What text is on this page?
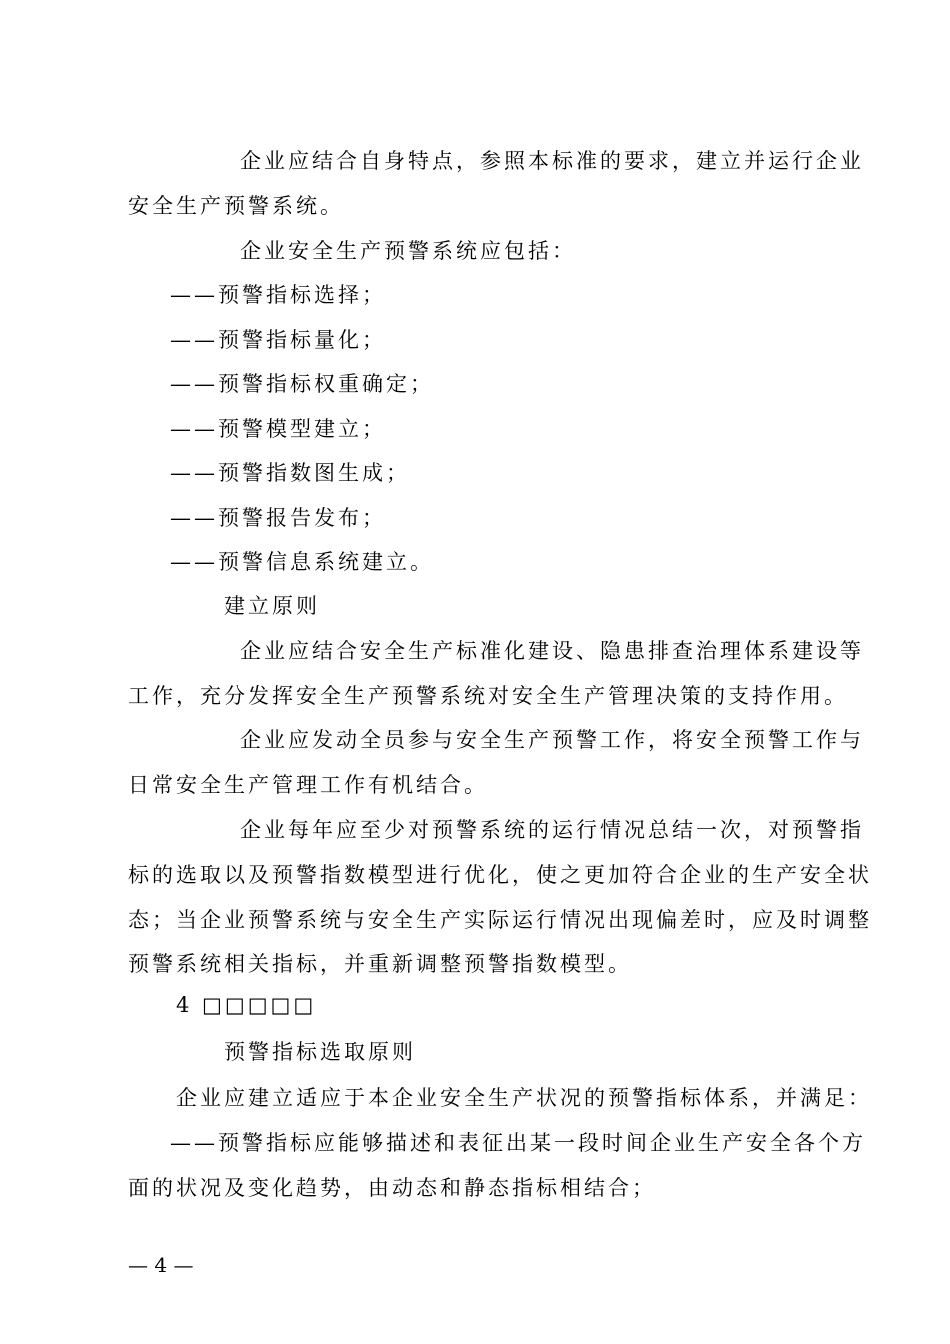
企业应结合自身特点，参照本标准的要求，建立并运行企业
安全生产预警系统。
企业安全生产预警系统应包括：
——预警指标选择；
——预警指标量化；
——预警指标权重确定；
——预警模型建立；
——预警指数图生成；
——预警报告发布；
——预警信息系统建立。
建立原则
企业应结合安全生产标准化建设、隐患排查治理体系建设等
工作，充分发挥安全生产预警系统对安全生产管理决策的支持作用。
企业应发动全员参与安全生产预警工作，将安全预警工作与
日常安全生产管理工作有机结合。
企业每年应至少对预警系统的运行情况总结一次，对预警指
标的选取以及预警指数模型进行优化，使之更加符合企业的生产安全状
态；当企业预警系统与安全生产实际运行情况出现偏差时，应及时调整
预警系统相关指标，并重新调整预警指数模型。
4 □□□□□
预警指标选取原则
企业应建立适应于本企业安全生产状况的预警指标体系，并满足：
——预警指标应能够描述和表征出某一段时间企业生产安全各个方
面的状况及变化趋势，由动态和静态指标相结合；
— 4 —
